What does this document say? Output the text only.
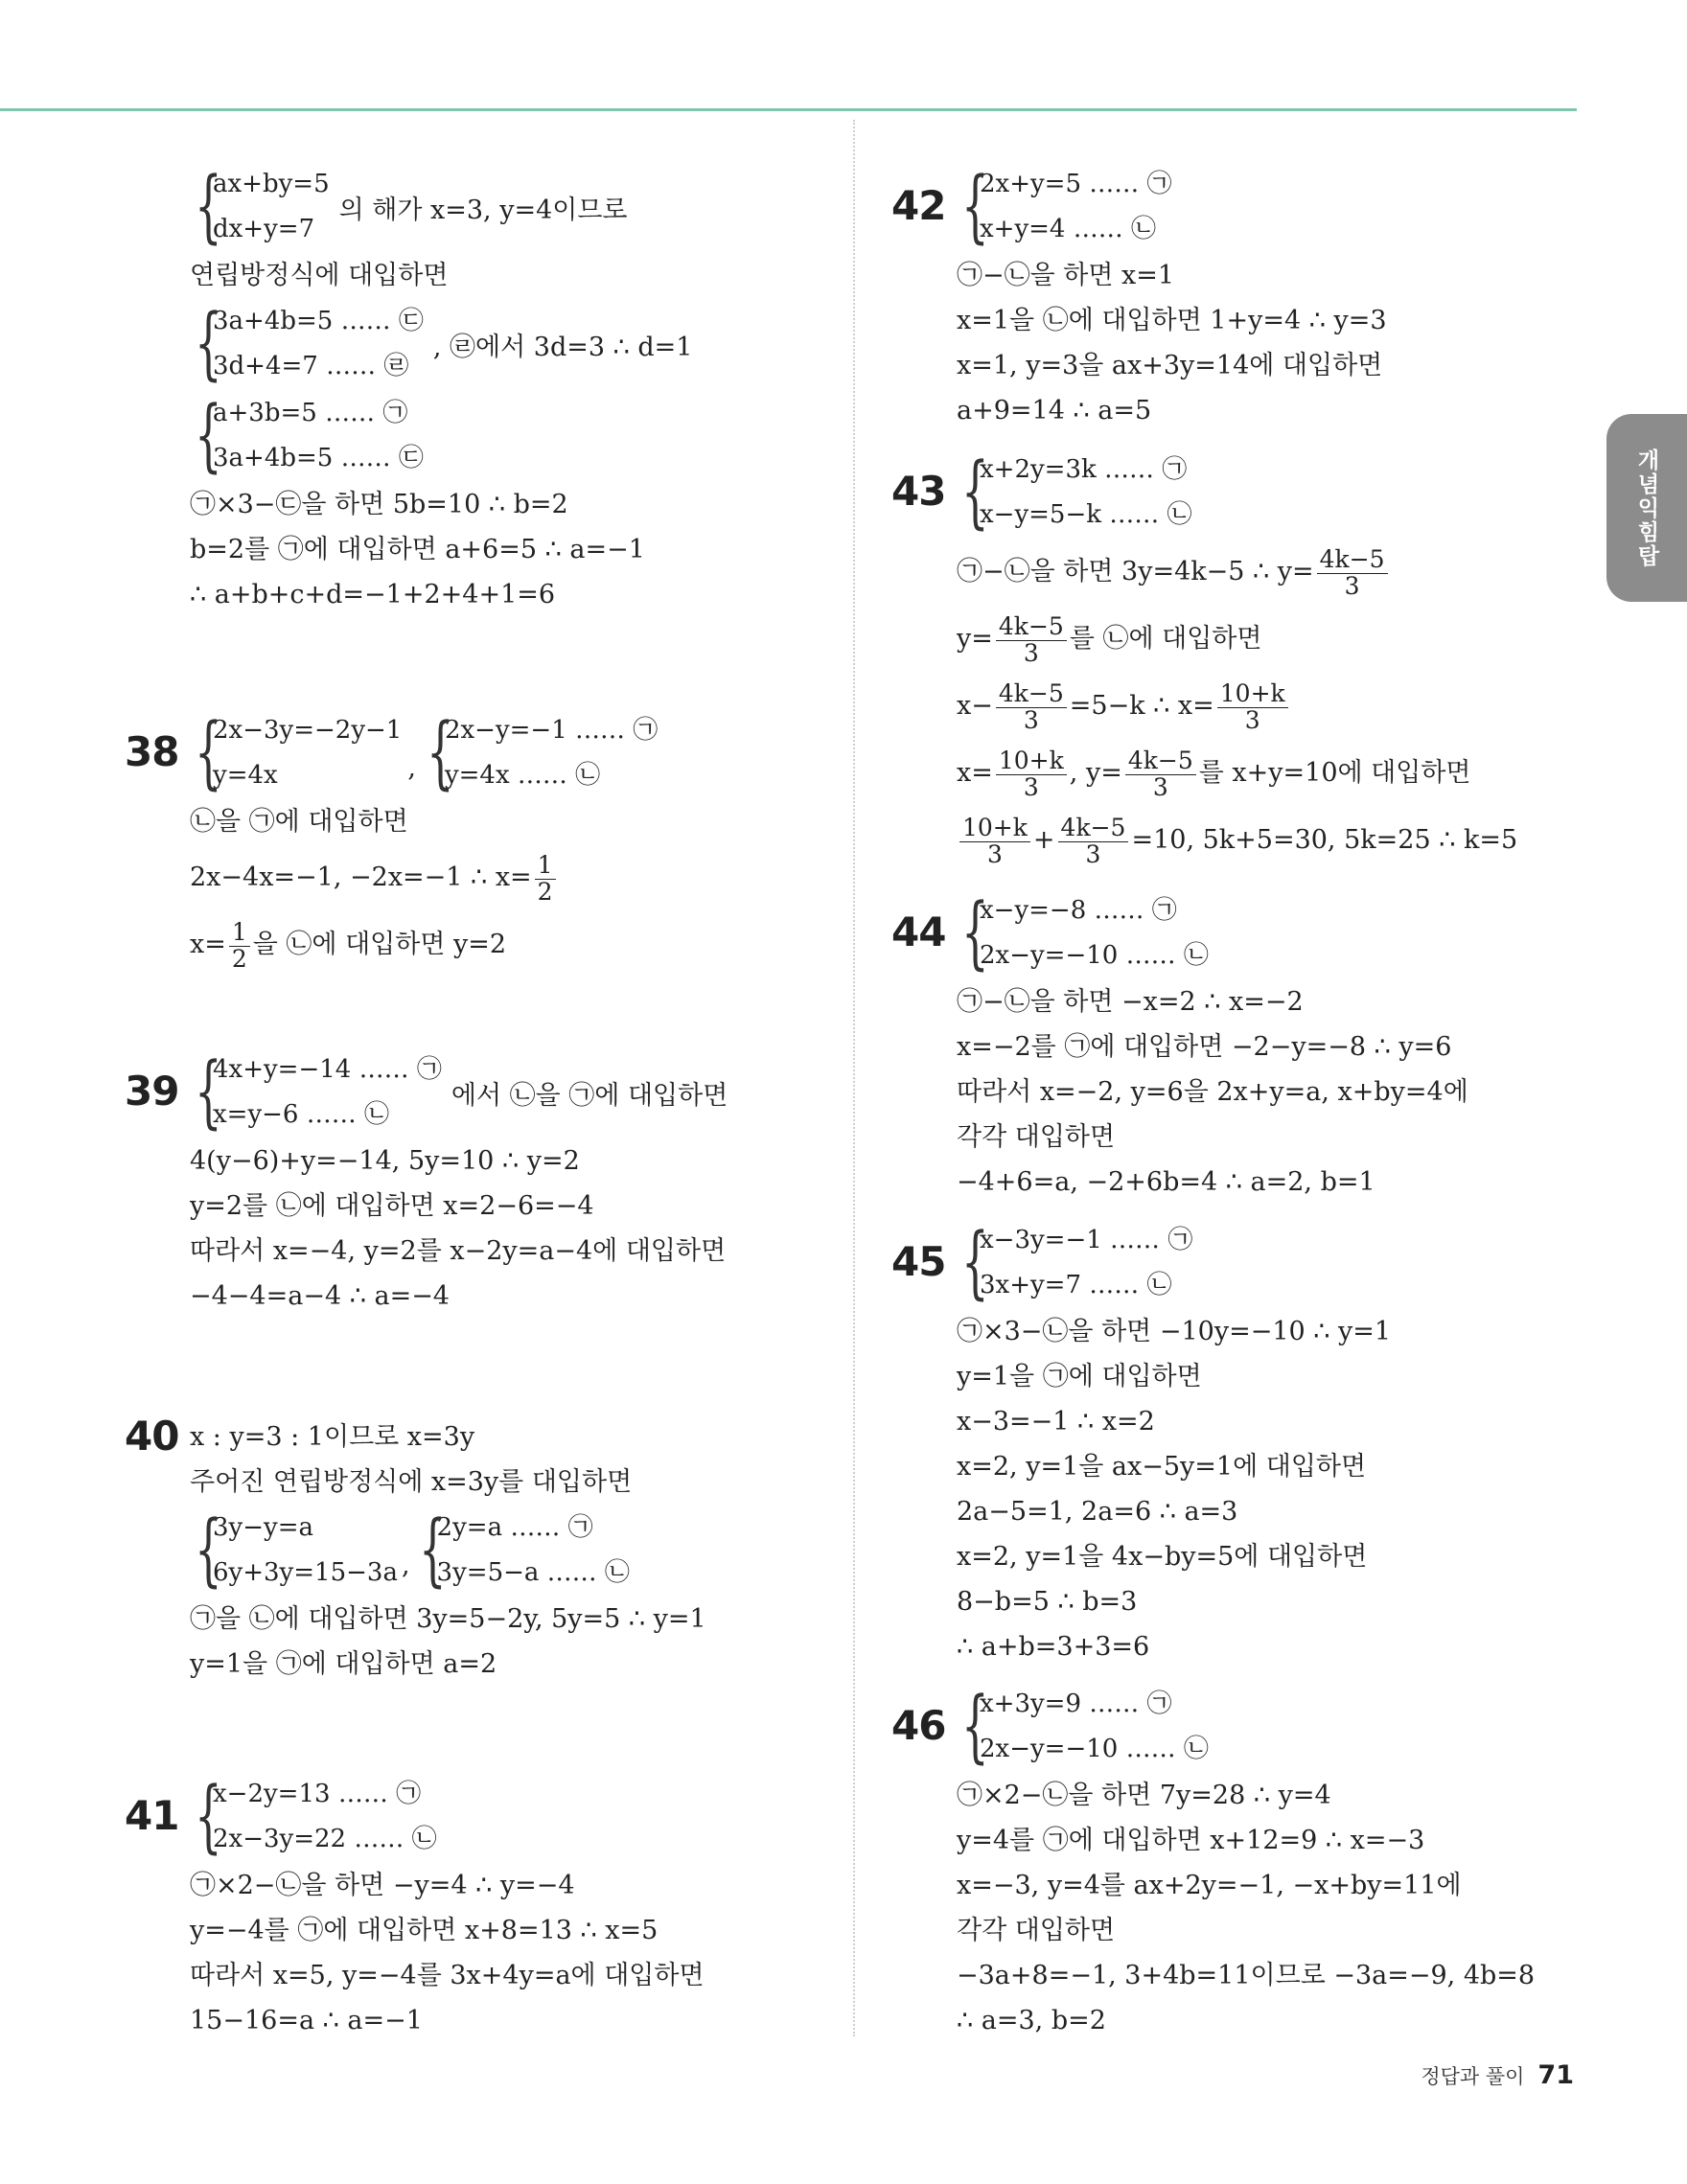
개념익힘탑
{
ax+by=5
dx+y=7
의 해가 x=3, y=4이므로
연립방정식에 대입하면
{
3a+4b=5 …… ㉢
3d+4=7 …… ㉣
, ㉣에서 3d=3 ∴ d=1
{
a+3b=5 …… ㉠
3a+4b=5 …… ㉢
㉠×3−㉢을 하면 5b=10 ∴ b=2
b=2를 ㉠에 대입하면 a+6=5 ∴ a=−1
∴ a+b+c+d=−1+2+4+1=6
38 {
2x−3y=−2y−1
y=4x	, {
2x−y=−1 …… ㉠
y=4x …… ㉡
㉡을 ㉠에 대입하면
2x−4x=−1, −2x=−1 ∴ $x= \frac{1}{2}$
$x= \frac{1}{2}$ 을 ㉡에 대입하면 y=2
39 {
4x+y=−14 …… ㉠
x=y−6 …… ㉡
에서 ㉡을 ㉠에 대입하면
4(y−6)+y=−14, 5y=10 ∴ y=2
y=2를 ㉡에 대입하면 x=2−6=−4
따라서 x=−4, y=2를 x−2y=a−4에 대입하면
−4−4=a−4 ∴ a=−4
40 x : y=3 : 1이므로 x=3y
주어진 연립방정식에 x=3y를 대입하면
{
3y−y=a
6y+3y=15−3a , {
2y=a …… ㉠
3y=5−a …… ㉡
㉠을 ㉡에 대입하면 3y=5−2y, 5y=5 ∴ y=1
y=1을 ㉠에 대입하면 a=2
41 {
x−2y=13 …… ㉠
2x−3y=22 …… ㉡
㉠×2−㉡을 하면 −y=4 ∴ y=−4
y=−4를 ㉠에 대입하면 x+8=13 ∴ x=5
따라서 x=5, y=−4를 3x+4y=a에 대입하면
15−16=a ∴ a=−1
42 {
2x+y=5 …… ㉠
x+y=4 …… ㉡
㉠−㉡을 하면 x=1
x=1을 ㉡에 대입하면 1+y=4 ∴ y=3
x=1, y=3을 ax+3y=14에 대입하면
a+9=14 ∴ a=5
43 {
x+2y=3k …… ㉠
x−y=5−k …… ㉡
㉠−㉡을 하면 3y=4k−5 ∴ $y= \frac{4k-5}{3}$
$y= \frac{4k-5}{3}$ 를 ㉡에 대입하면
$x- \frac{4k-5}{3} =5-k$ ∴ $x= \frac{10+k}{3}$
$x= \frac{10+k}{3}$ , $y= \frac{4k-5}{3}$ 를 x+y=10에 대입하면
10+k
$3 + \frac{4k-5}{3} =10$, 5k+5=30, 5k=25 ∴ k=5
44 {
x−y=−8 …… ㉠
2x−y=−10 …… ㉡
㉠−㉡을 하면 −x=2 ∴ x=−2
x=−2를 ㉠에 대입하면 −2−y=−8 ∴ y=6
따라서 x=−2, y=6을 2x+y=a, x+by=4에
각각 대입하면
−4+6=a, −2+6b=4 ∴ a=2, b=1
45 {
x−3y=−1 …… ㉠
3x+y=7 …… ㉡
㉠×3−㉡을 하면 −10y=−10 ∴ y=1
y=1을 ㉠에 대입하면
x−3=−1 ∴ x=2
x=2, y=1을 ax−5y=1에 대입하면
2a−5=1, 2a=6 ∴ a=3
x=2, y=1을 4x−by=5에 대입하면
8−b=5 ∴ b=3
∴ a+b=3+3=6
46 {
x+3y=9 …… ㉠
2x−y=−10 …… ㉡
㉠×2−㉡을 하면 7y=28 ∴ y=4
y=4를 ㉠에 대입하면 x+12=9 ∴ x=−3
x=−3, y=4를 ax+2y=−1, −x+by=11에
각각 대입하면
−3a+8=−1, 3+4b=11이므로 −3a=−9, 4b=8
∴ a=3, b=2
정답과 풀이 71
